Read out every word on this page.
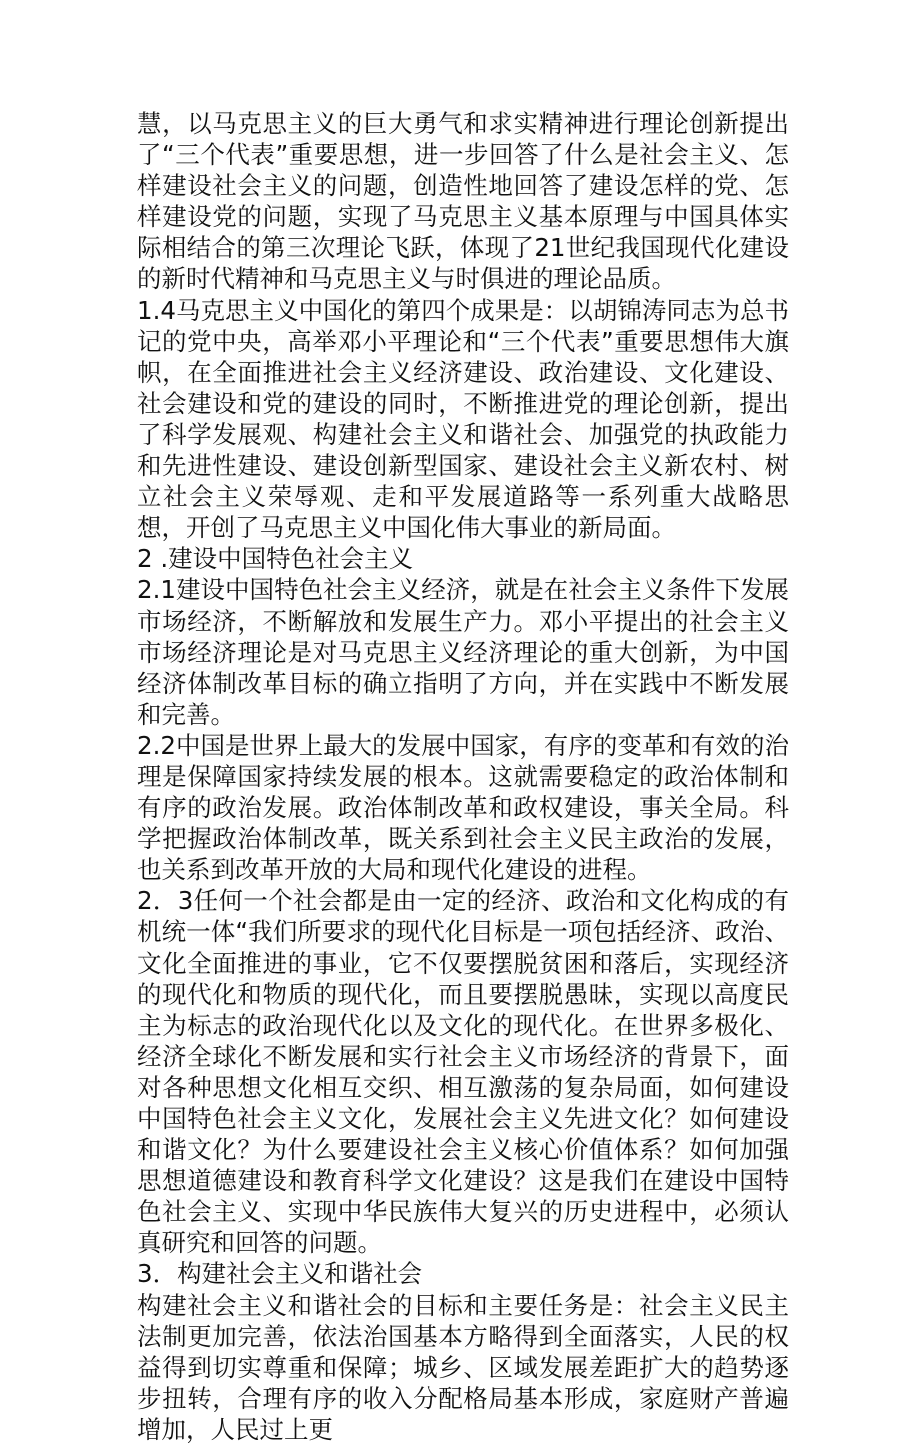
慧，以马克思主义的巨大勇气和求实精神进行理论创新提出了“三个代表”重要思想，进一步回答了什么是社会主义、怎样建设社会主义的问题，创造性地回答了建设怎样的党、怎样建设党的问题，实现了马克思主义基本原理与中国具体实际相结合的第三次理论飞跃，体现了21世纪我国现代化建设的新时代精神和马克思主义与时俱进的理论品质。

1.4马克思主义中国化的第四个成果是：以胡锦涛同志为总书记的党中央，高举邓小平理论和“三个代表”重要思想伟大旗帜，在全面推进社会主义经济建设、政治建设、文化建设、社会建设和党的建设的同时，不断推进党的理论创新，提出了科学发展观、构建社会主义和谐社会、加强党的执政能力和先进性建设、建设创新型国家、建设社会主义新农村、树立社会主义荣辱观、走和平发展道路等一系列重大战略思想，开创了马克思主义中国化伟大事业的新局面。

2 .建设中国特色社会主义

2.1建设中国特色社会主义经济，就是在社会主义条件下发展市场经济，不断解放和发展生产力。邓小平提出的社会主义市场经济理论是对马克思主义经济理论的重大创新，为中国经济体制改革目标的确立指明了方向，并在实践中不断发展和完善。

2.2中国是世界上最大的发展中国家，有序的变革和有效的治理是保障国家持续发展的根本。这就需要稳定的政治体制和有序的政治发展。政治体制改革和政权建设，事关全局。科学把握政治体制改革，既关系到社会主义民主政治的发展，也关系到改革开放的大局和现代化建设的进程。

2．3任何一个社会都是由一定的经济、政治和文化构成的有机统一体“我们所要求的现代化目标是一项包括经济、政治、文化全面推进的事业，它不仅要摆脱贫困和落后，实现经济的现代化和物质的现代化，而且要摆脱愚昧，实现以高度民主为标志的政治现代化以及文化的现代化。在世界多极化、经济全球化不断发展和实行社会主义市场经济的背景下，面对各种思想文化相互交织、相互激荡的复杂局面，如何建设中国特色社会主义文化，发展社会主义先进文化？如何建设和谐文化？为什么要建设社会主义核心价值体系？如何加强思想道德建设和教育科学文化建设？这是我们在建设中国特色社会主义、实现中华民族伟大复兴的历史进程中，必须认真研究和回答的问题。

3．构建社会主义和谐社会

构建社会主义和谐社会的目标和主要任务是：社会主义民主法制更加完善，依法治国基本方略得到全面落实，人民的权益得到切实尊重和保障；城乡、区域发展差距扩大的趋势逐步扭转，合理有序的收入分配格局基本形成，家庭财产普遍增加，人民过上更
